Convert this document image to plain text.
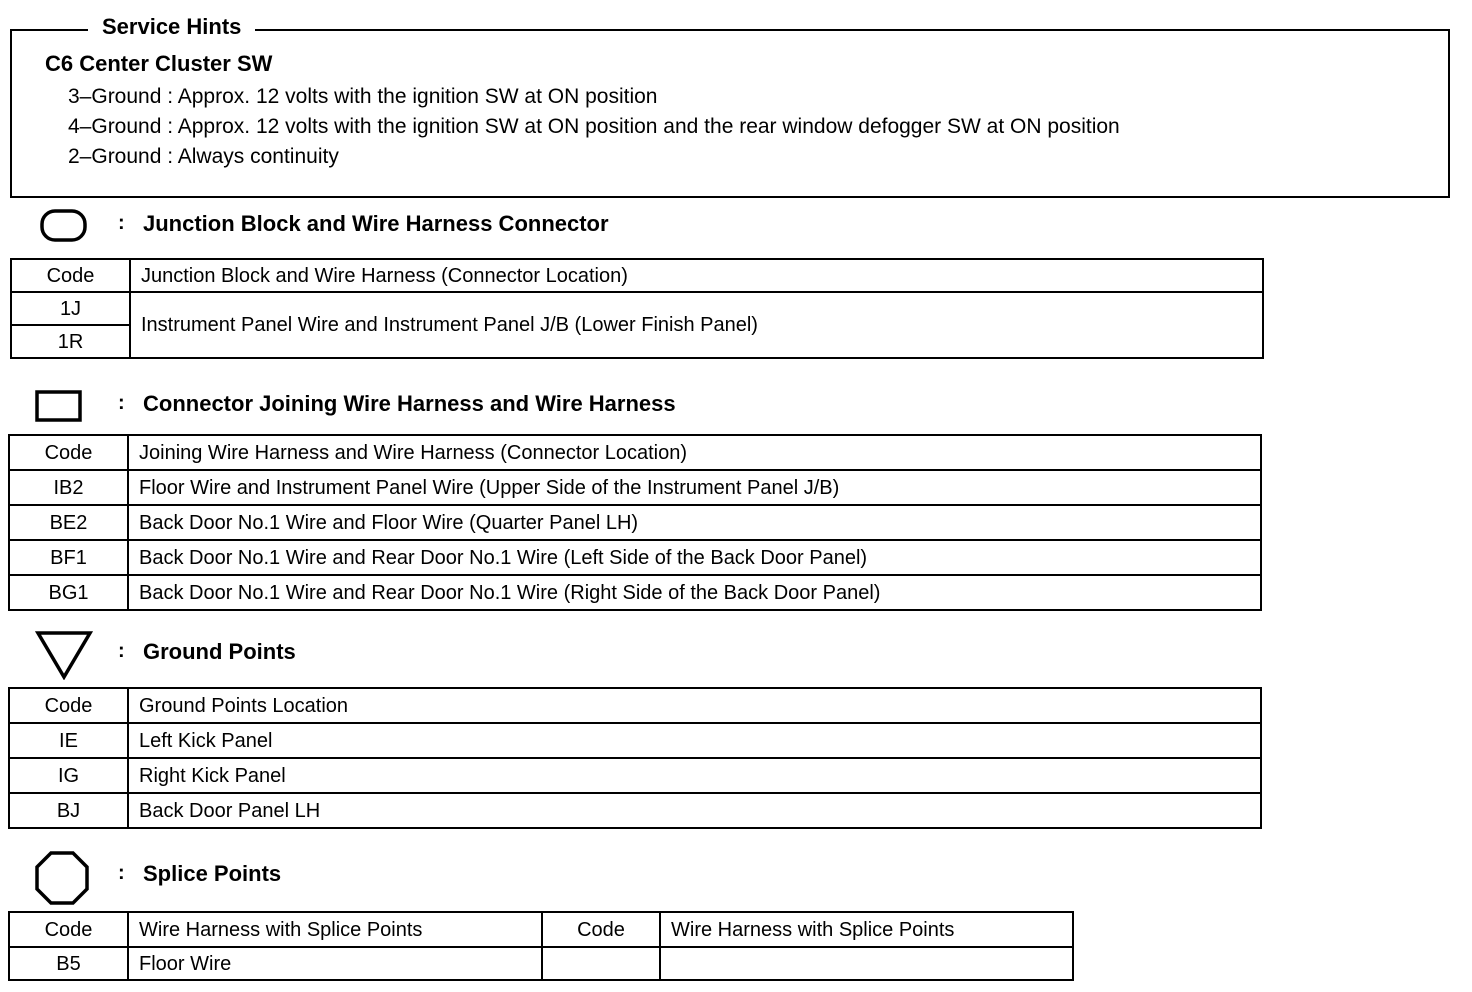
Service Hints
C6 Center Cluster SW
3–Ground : Approx. 12 volts with the ignition SW at ON position
4–Ground : Approx. 12 volts with the ignition SW at ON position and the rear window defogger SW at ON position
2–Ground : Always continuity
: Junction Block and Wire Harness Connector
Code	Junction Block and Wire Harness (Connector Location)
1J	Instrument Panel Wire and Instrument Panel J/B (Lower Finish Panel)
1R	
: Connector Joining Wire Harness and Wire Harness
Code	Joining Wire Harness and Wire Harness (Connector Location)
IB2	Floor Wire and Instrument Panel Wire (Upper Side of the Instrument Panel J/B)
BE2	Back Door No.1 Wire and Floor Wire (Quarter Panel LH)
BF1	Back Door No.1 Wire and Rear Door No.1 Wire (Left Side of the Back Door Panel)
BG1	Back Door No.1 Wire and Rear Door No.1 Wire (Right Side of the Back Door Panel)
: Ground Points
Code	Ground Points Location
IE	Left Kick Panel
IG	Right Kick Panel
BJ	Back Door Panel LH
: Splice Points
Code	Wire Harness with Splice Points	Code	Wire Harness with Splice Points
B5	Floor Wire		
